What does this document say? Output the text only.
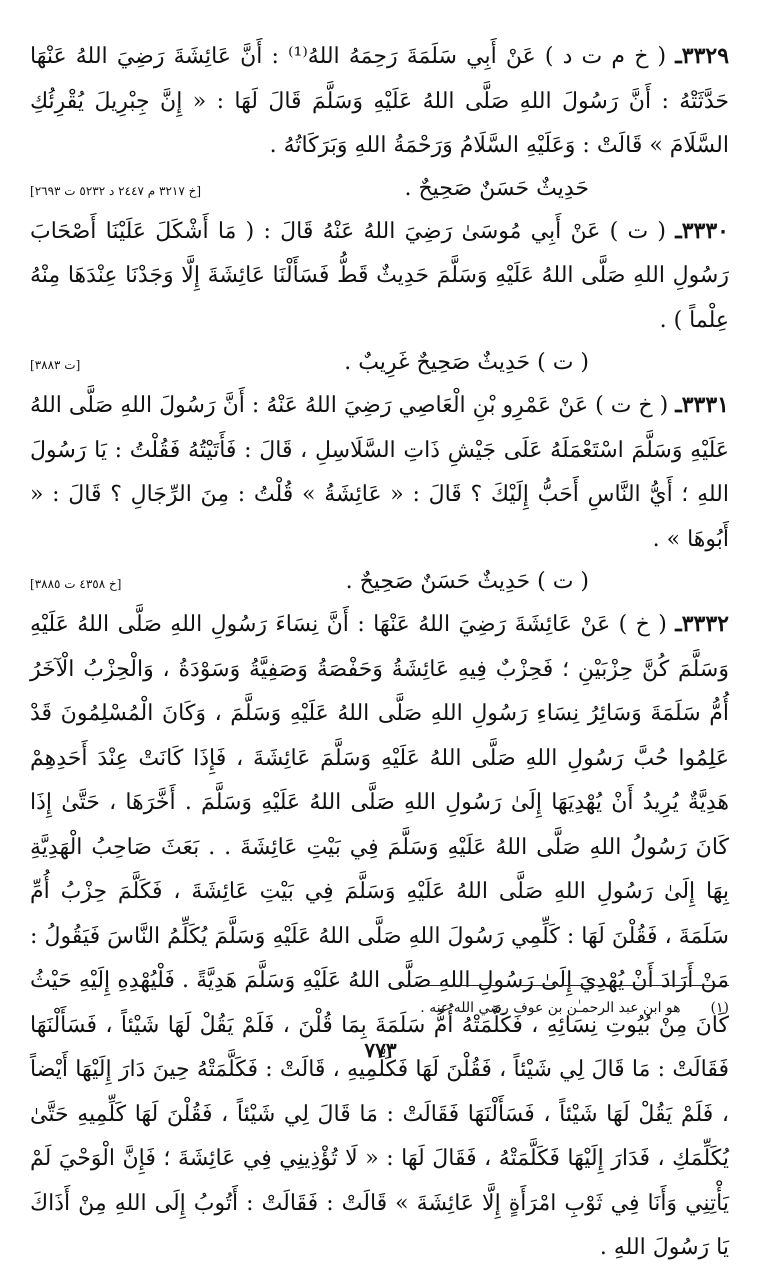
٣٣٢٩ـ ( خ م ت د ) عَنْ أَبِي سَلَمَةَ رَحِمَهُ اللهُ⁽¹⁾ : أَنَّ عَائِشَةَ رَضِيَ اللهُ عَنْهَا حَدَّثَتْهُ : أَنَّ رَسُولَ اللهِ صَلَّى اللهُ عَلَيْهِ وَسَلَّمَ قَالَ لَهَا : « إِنَّ جِبْرِيلَ يُقْرِئُكِ السَّلَامَ » قَالَتْ : وَعَلَيْهِ السَّلَامُ وَرَحْمَةُ اللهِ وَبَرَكَاتُهُ .

حَدِيثٌ حَسَنٌ صَحِيحٌ .
[خ ٣٢١٧ م ٢٤٤٧ د ٥٢٣٢ ت ٢٦٩٣]

٣٣٣٠ـ ( ت ) عَنْ أَبِي مُوسَىٰ رَضِيَ اللهُ عَنْهُ قَالَ : ( مَا أَشْكَلَ عَلَيْنَا أَصْحَابَ رَسُولِ اللهِ صَلَّى اللهُ عَلَيْهِ وَسَلَّمَ حَدِيثٌ قَطُّ فَسَأَلْنَا عَائِشَةَ إِلَّا وَجَدْنَا عِنْدَهَا مِنْهُ عِلْماً ) .

( ت ) حَدِيثٌ صَحِيحٌ غَرِيبٌ .
[ت ٣٨٨٣]

٣٣٣١ـ ( خ ت ) عَنْ عَمْرِو بْنِ الْعَاصِي رَضِيَ اللهُ عَنْهُ : أَنَّ رَسُولَ اللهِ صَلَّى اللهُ عَلَيْهِ وَسَلَّمَ اسْتَعْمَلَهُ عَلَى جَيْشِ ذَاتِ السَّلَاسِلِ ، قَالَ : فَأَتَيْتُهُ فَقُلْتُ : يَا رَسُولَ اللهِ ؛ أَيُّ النَّاسِ أَحَبُّ إِلَيْكَ ؟ قَالَ : « عَائِشَةُ » قُلْتُ : مِنَ الرِّجَالِ ؟ قَالَ : « أَبُوهَا » .

( ت ) حَدِيثٌ حَسَنٌ صَحِيحٌ .
[خ ٤٣٥٨ ت ٣٨٨٥]

٣٣٣٢ـ ( خ ) عَنْ عَائِشَةَ رَضِيَ اللهُ عَنْهَا : أَنَّ نِسَاءَ رَسُولِ اللهِ صَلَّى اللهُ عَلَيْهِ وَسَلَّمَ كُنَّ حِزْبَيْنِ ؛ فَحِزْبٌ فِيهِ عَائِشَةُ وَحَفْصَةُ وَصَفِيَّةُ وَسَوْدَةُ ، وَالْحِزْبُ الْآخَرُ أُمُّ سَلَمَةَ وَسَائِرُ نِسَاءِ رَسُولِ اللهِ صَلَّى اللهُ عَلَيْهِ وَسَلَّمَ ، وَكَانَ الْمُسْلِمُونَ قَدْ عَلِمُوا حُبَّ رَسُولِ اللهِ صَلَّى اللهُ عَلَيْهِ وَسَلَّمَ عَائِشَةَ ، فَإِذَا كَانَتْ عِنْدَ أَحَدِهِمْ هَدِيَّةٌ يُرِيدُ أَنْ يُهْدِيَهَا إِلَىٰ رَسُولِ اللهِ صَلَّى اللهُ عَلَيْهِ وَسَلَّمَ . أَخَّرَهَا ، حَتَّىٰ إِذَا كَانَ رَسُولُ اللهِ صَلَّى اللهُ عَلَيْهِ وَسَلَّمَ فِي بَيْتِ عَائِشَةَ . . بَعَثَ صَاحِبُ الْهَدِيَّةِ بِهَا إِلَىٰ رَسُولِ اللهِ صَلَّى اللهُ عَلَيْهِ وَسَلَّمَ فِي بَيْتِ عَائِشَةَ ، فَكَلَّمَ حِزْبُ أُمِّ سَلَمَةَ ، فَقُلْنَ لَهَا : كَلِّمِي رَسُولَ اللهِ صَلَّى اللهُ عَلَيْهِ وَسَلَّمَ يُكَلِّمُ النَّاسَ فَيَقُولُ : مَنْ أَرَادَ أَنْ يُهْدِيَ إِلَىٰ رَسُولِ اللهِ صَلَّى اللهُ عَلَيْهِ وَسَلَّمَ هَدِيَّةً . فَلْيُهْدِهِ إِلَيْهِ حَيْثُ كَانَ مِنْ بُيُوتِ نِسَائِهِ ، فَكَلَّمَتْهُ أُمُّ سَلَمَةَ بِمَا قُلْنَ ، فَلَمْ يَقُلْ لَهَا شَيْئاً ، فَسَأَلْنَهَا فَقَالَتْ : مَا قَالَ لِي شَيْئاً ، فَقُلْنَ لَهَا فَكَلِّمِيهِ ، قَالَتْ : فَكَلَّمَتْهُ حِينَ دَارَ إِلَيْهَا أَيْضاً ، فَلَمْ يَقُلْ لَهَا شَيْئاً ، فَسَأَلْنَهَا فَقَالَتْ : مَا قَالَ لِي شَيْئاً ، فَقُلْنَ لَهَا كَلِّمِيهِ حَتَّىٰ يُكَلِّمَكِ ، فَدَارَ إِلَيْهَا فَكَلَّمَتْهُ ، فَقَالَ لَهَا : « لَا تُؤْذِينِي فِي عَائِشَةَ ؛ فَإِنَّ الْوَحْيَ لَمْ يَأْتِنِي وَأَنَا فِي ثَوْبِ امْرَأَةٍ إِلَّا عَائِشَةَ » قَالَتْ : فَقَالَتْ : أَتُوبُ إِلَى اللهِ مِنْ أَذَاكَ يَا رَسُولَ اللهِ .

(١)هو ابن عبد الرحمـٰن بن عوف رضي الله عنه .
٧٧٣
